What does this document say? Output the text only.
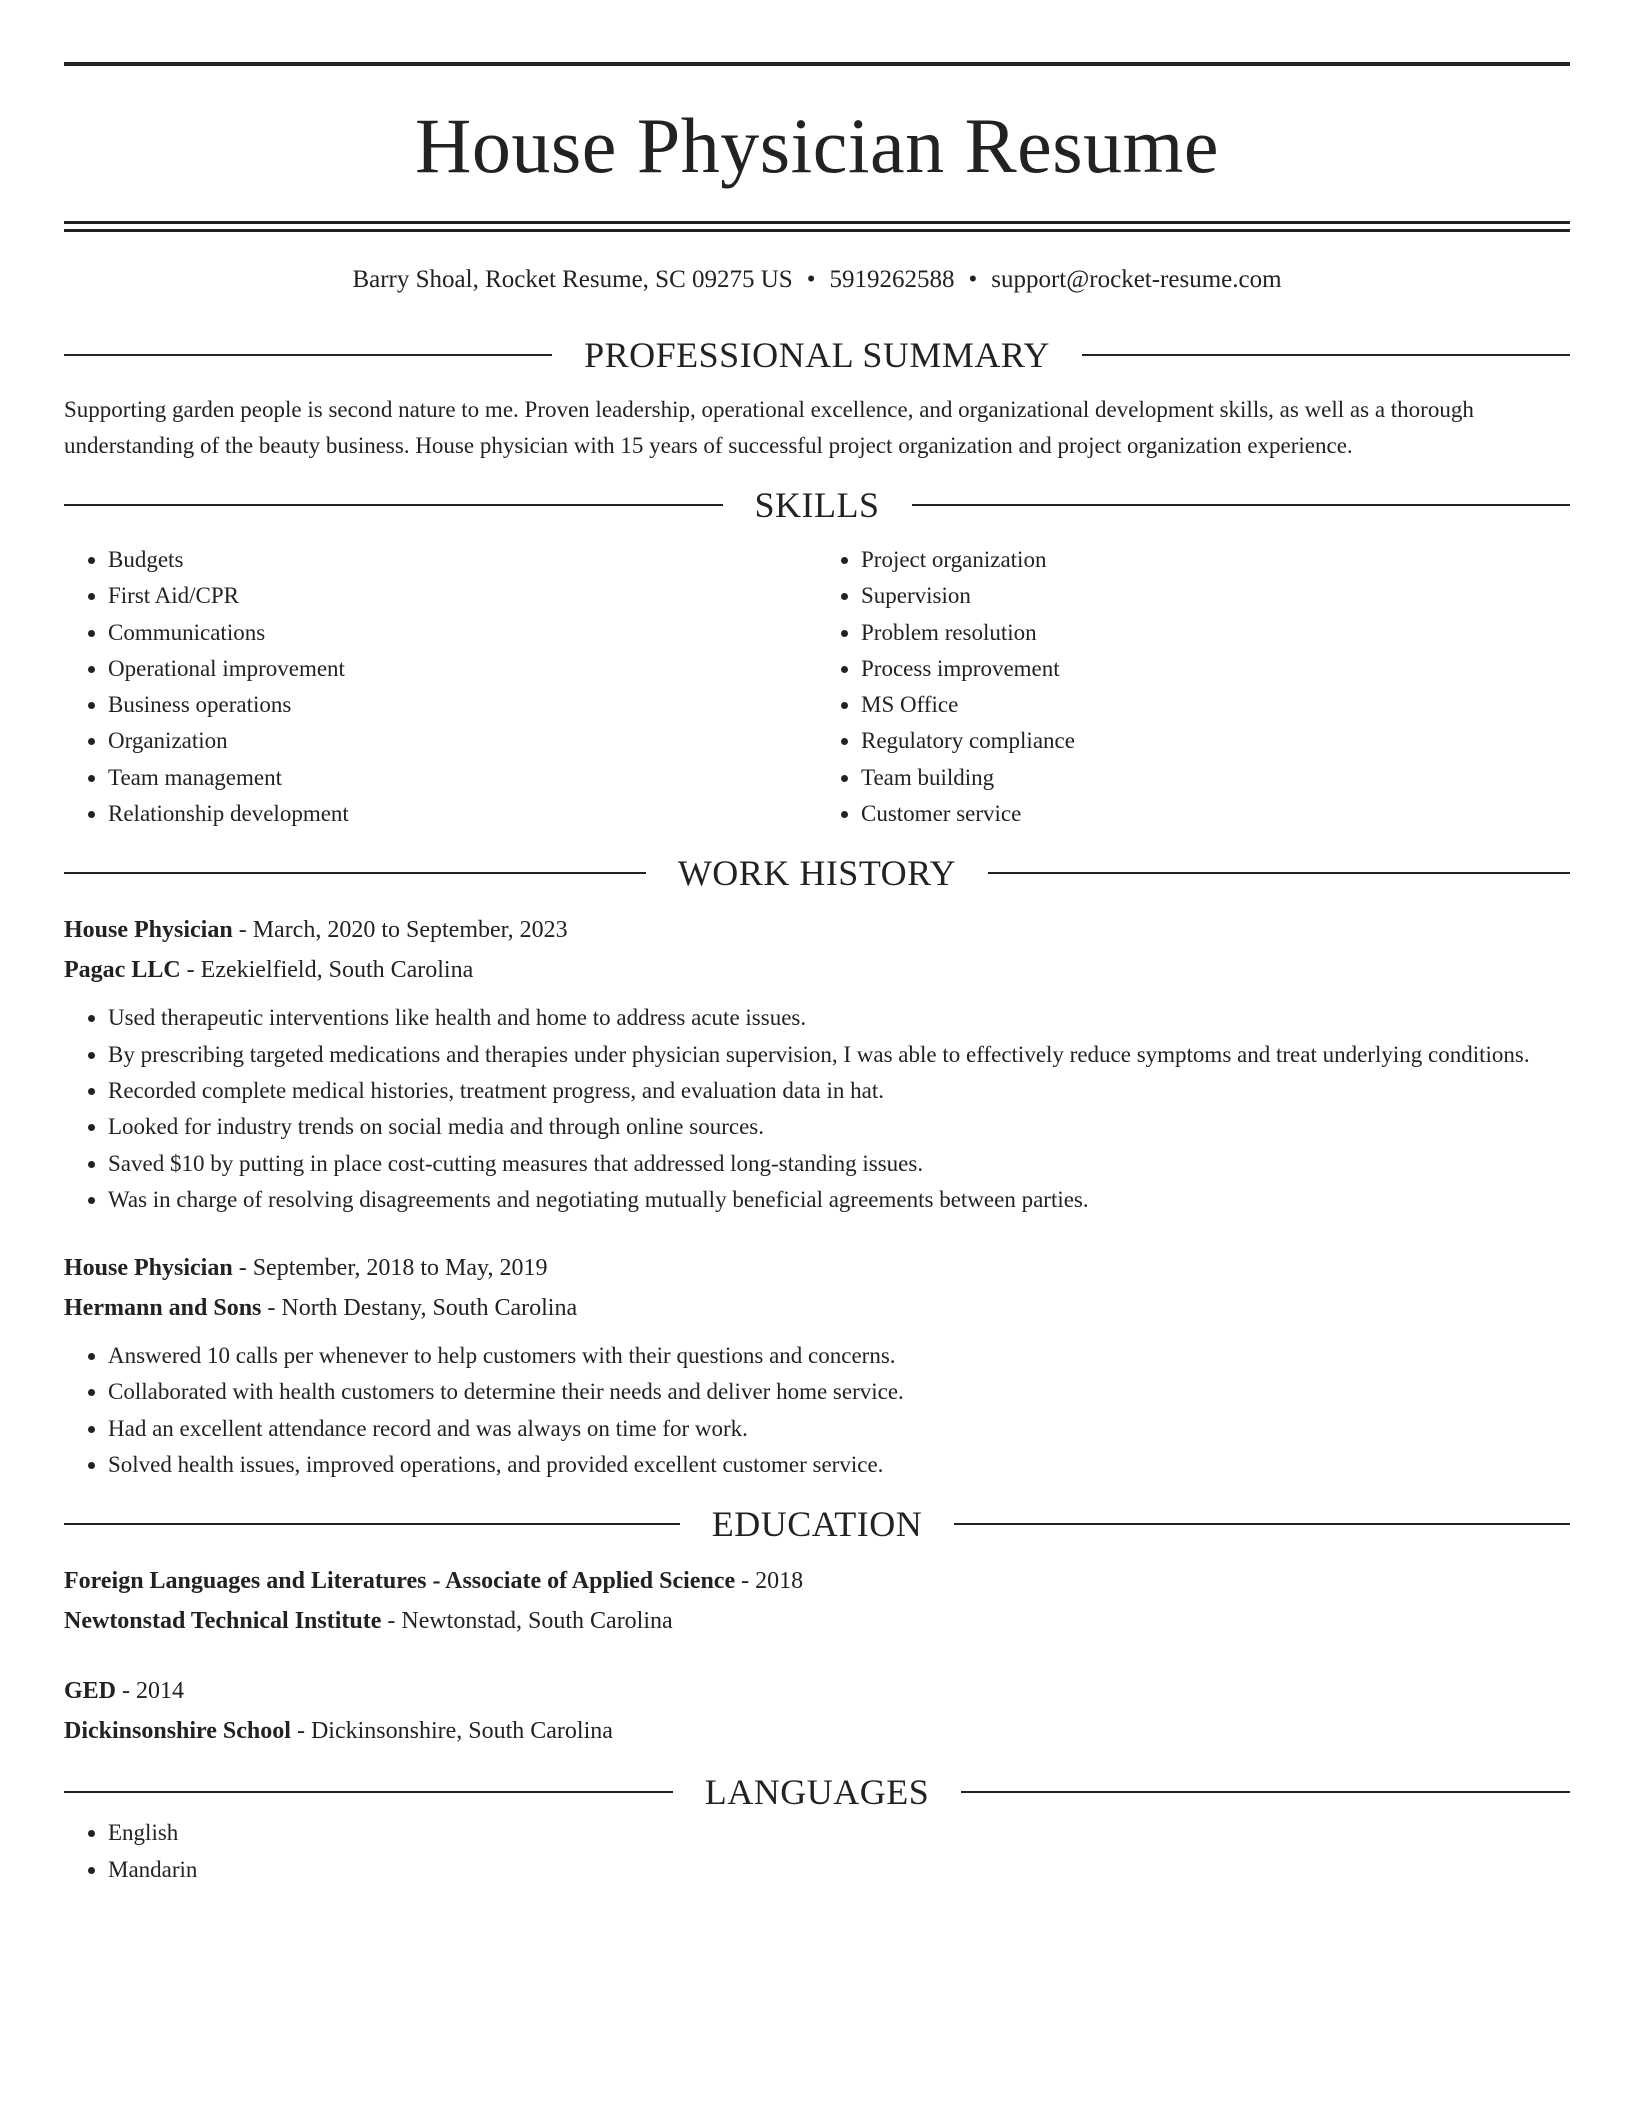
House Physician Resume
Barry Shoal, Rocket Resume, SC 09275 US • 5919262588 • support@rocket-resume.com
PROFESSIONAL SUMMARY
Supporting garden people is second nature to me. Proven leadership, operational excellence, and organizational development skills, as well as a thorough understanding of the beauty business. House physician with 15 years of successful project organization and project organization experience.
SKILLS
• Budgets
• First Aid/CPR
• Communications
• Operational improvement
• Business operations
• Organization
• Team management
• Relationship development
• Project organization
• Supervision
• Problem resolution
• Process improvement
• MS Office
• Regulatory compliance
• Team building
• Customer service
WORK HISTORY
House Physician - March, 2020 to September, 2023
Pagac LLC - Ezekielfield, South Carolina
• Used therapeutic interventions like health and home to address acute issues.
• By prescribing targeted medications and therapies under physician supervision, I was able to effectively reduce symptoms and treat underlying conditions.
• Recorded complete medical histories, treatment progress, and evaluation data in hat.
• Looked for industry trends on social media and through online sources.
• Saved $10 by putting in place cost-cutting measures that addressed long-standing issues.
• Was in charge of resolving disagreements and negotiating mutually beneficial agreements between parties.
House Physician - September, 2018 to May, 2019
Hermann and Sons - North Destany, South Carolina
• Answered 10 calls per whenever to help customers with their questions and concerns.
• Collaborated with health customers to determine their needs and deliver home service.
• Had an excellent attendance record and was always on time for work.
• Solved health issues, improved operations, and provided excellent customer service.
EDUCATION
Foreign Languages and Literatures - Associate of Applied Science - 2018
Newtonstad Technical Institute - Newtonstad, South Carolina
GED - 2014
Dickinsonshire School - Dickinsonshire, South Carolina
LANGUAGES
• English
• Mandarin
